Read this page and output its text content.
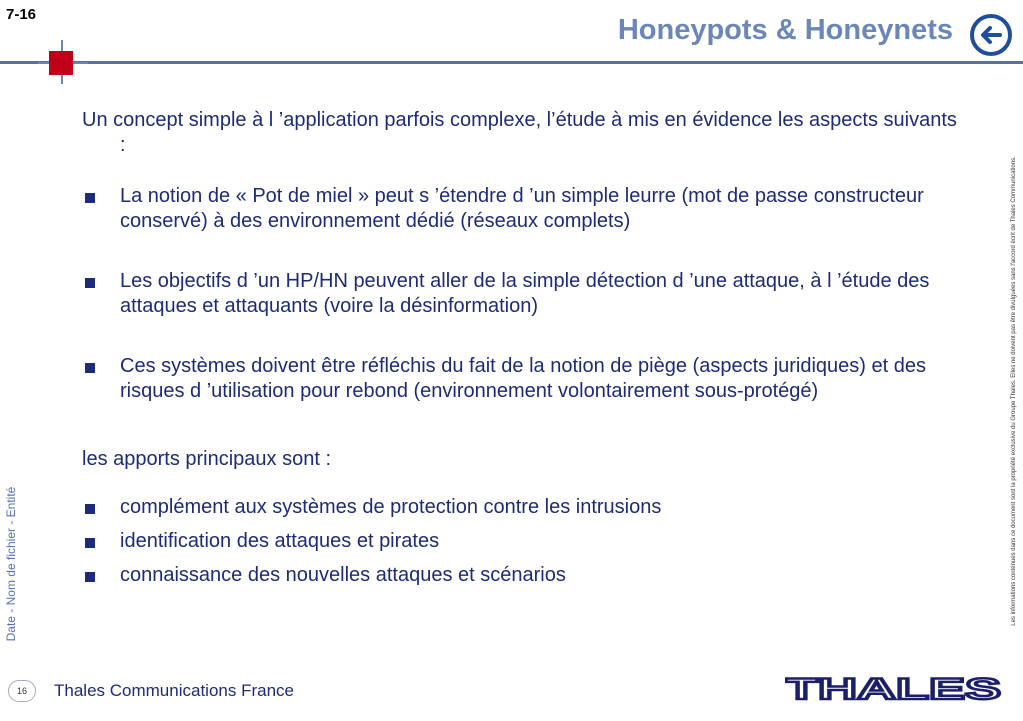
7-16	Honeypots & Honeynets

Un concept simple à l ’application parfois complexe, l’étude à mis en évidence les aspects suivants :

La notion de « Pot de miel » peut s ’étendre d ’un simple leurre (mot de passe constructeur conservé) à des environnement dédié (réseaux complets)
Les objectifs d ’un HP/HN peuvent aller de la simple détection d ’une attaque, à l ’étude des attaques et attaquants (voire la désinformation)
Ces systèmes doivent être réfléchis du fait de la notion de piège (aspects juridiques) et des risques d ’utilisation pour rebond (environnement volontairement sous-protégé)

les apports principaux sont :

complément aux systèmes de protection contre les intrusions
identification des attaques et pirates
connaissance des nouvelles attaques et scénarios
Date - Nom de fichier - Entité	Les informations contenues dans ce document sont la propriété exclusive du Groupe Thales. Elles ne doivent pas être divulguées sans l'accord écrit de Thales Communications.
16	Thales Communications France	THALES
